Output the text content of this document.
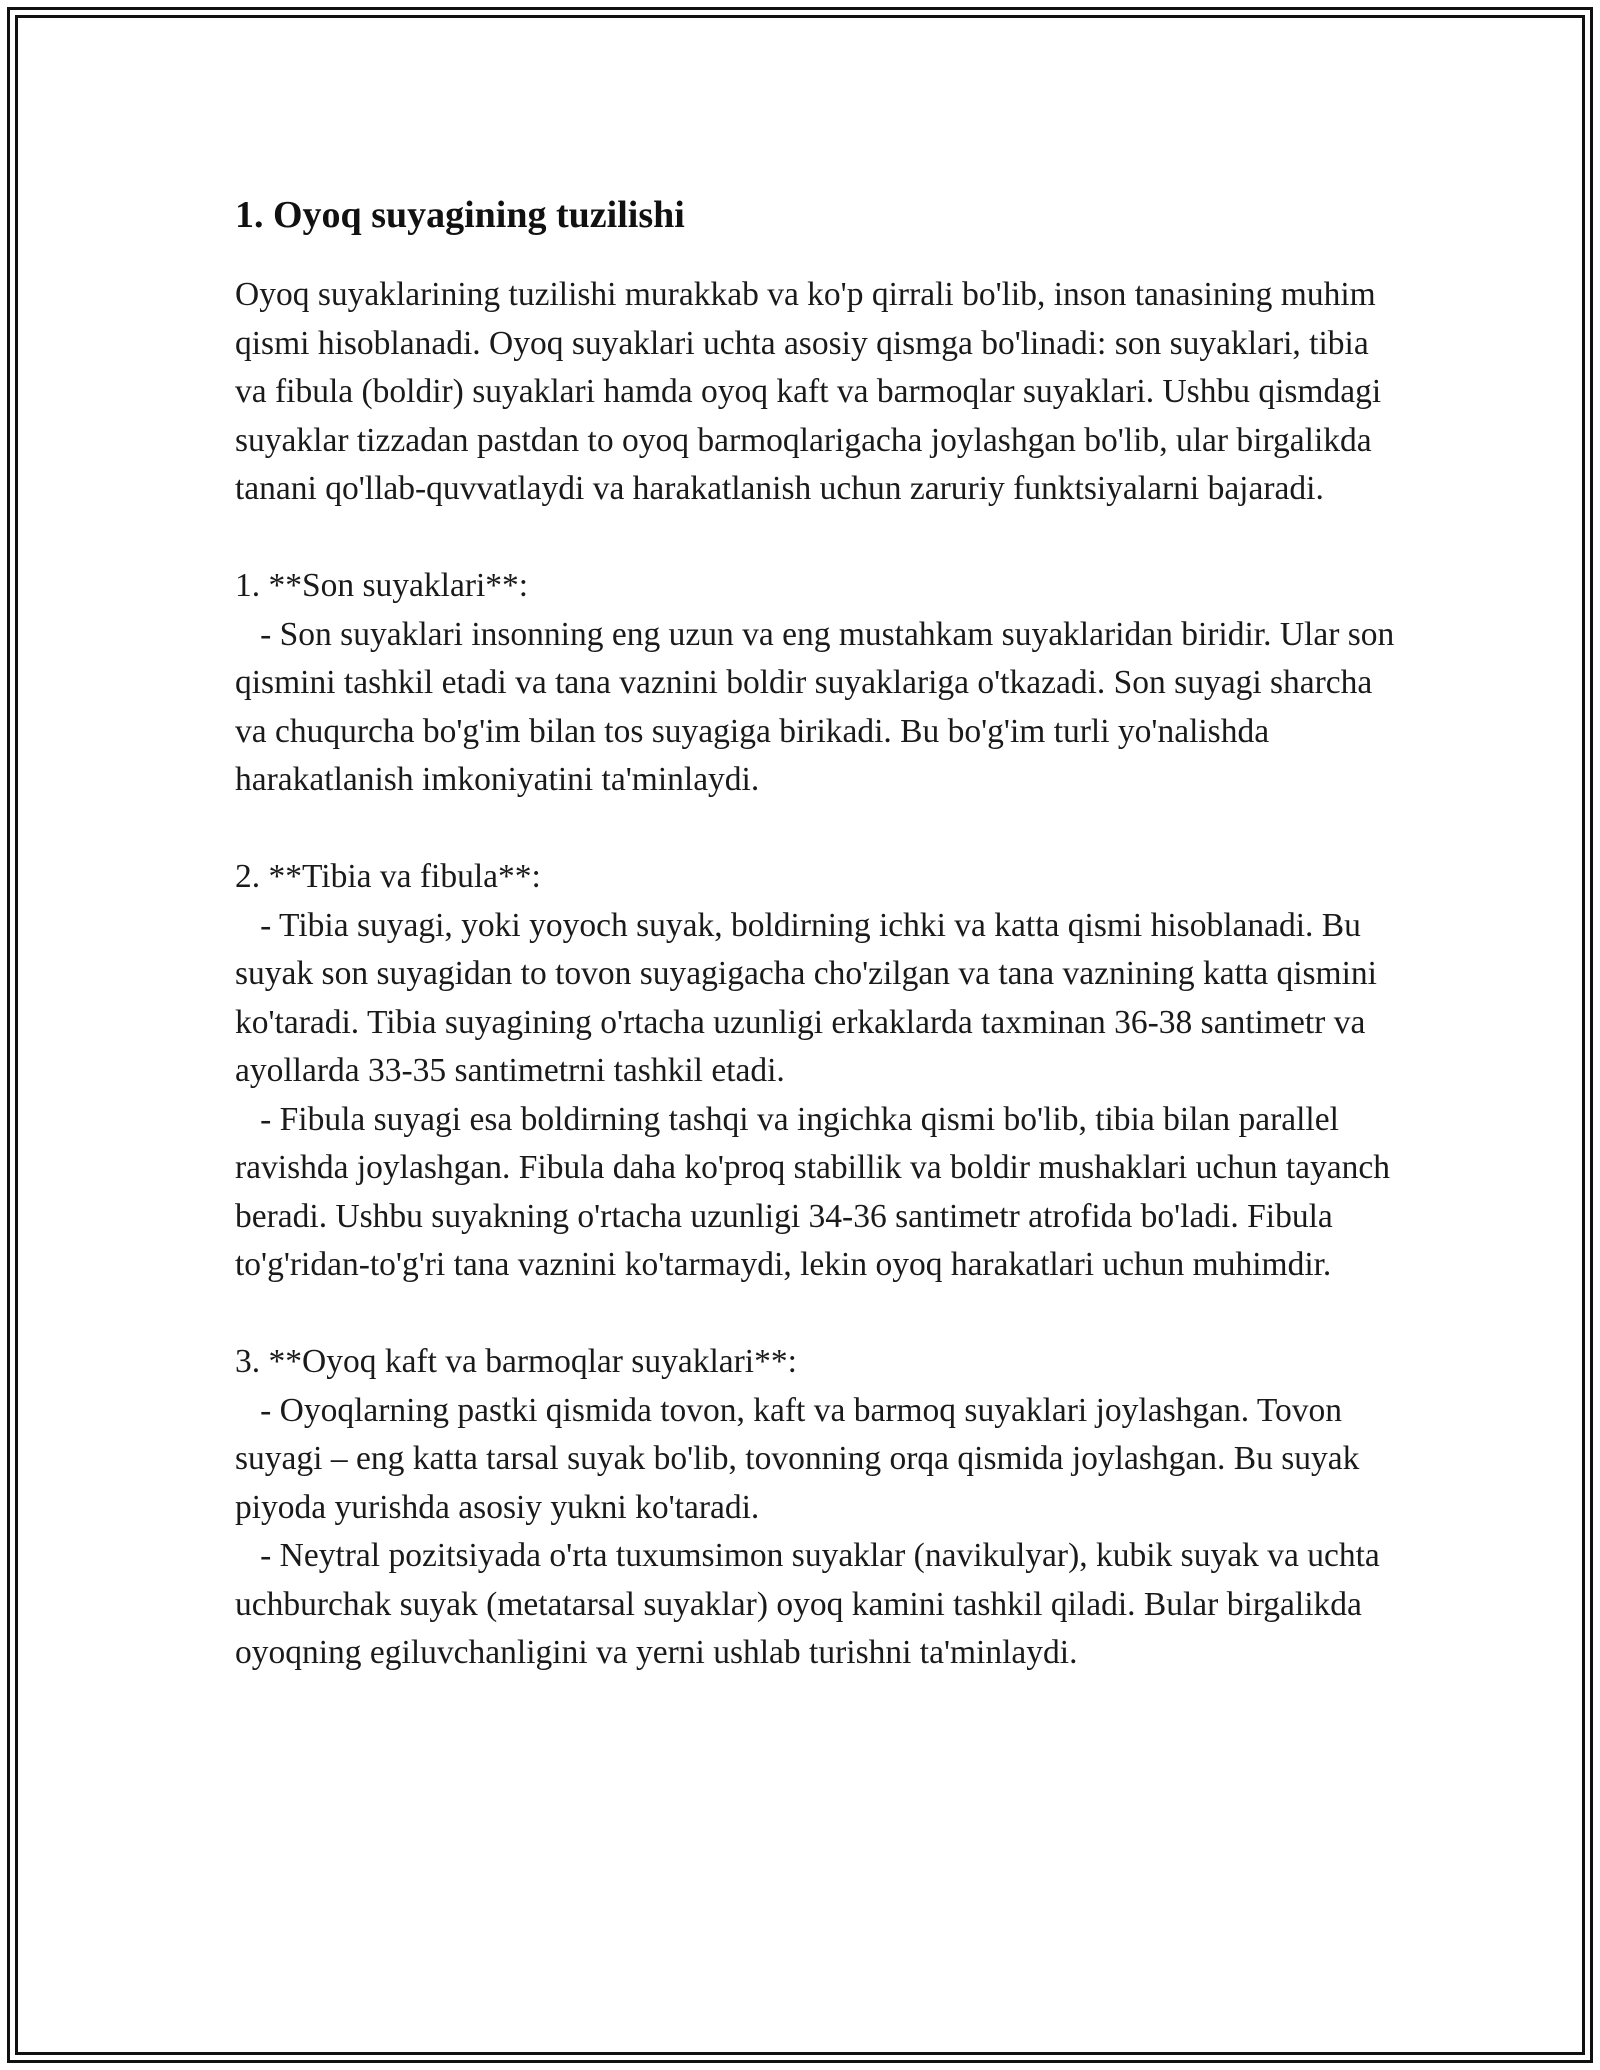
1. Oyoq suyagining tuzilishi

Oyoq suyaklarining tuzilishi murakkab va ko'p qirrali bo'lib, inson tanasining muhim qismi hisoblanadi. Oyoq suyaklari uchta asosiy qismga bo'linadi: son suyaklari, tibia va fibula (boldir) suyaklari hamda oyoq kaft va barmoqlar suyaklari. Ushbu qismdagi suyaklar tizzadan pastdan to oyoq barmoqlarigacha joylashgan bo'lib, ular birgalikda tanani qo'llab-quvvatlaydi va harakatlanish uchun zaruriy funktsiyalarni bajaradi.

1. **Son suyaklari**:

- Son suyaklari insonning eng uzun va eng mustahkam suyaklaridan biridir. Ular son qismini tashkil etadi va tana vaznini boldir suyaklariga o'tkazadi. Son suyagi sharcha va chuqurcha bo'g'im bilan tos suyagiga birikadi. Bu bo'g'im turli yo'nalishda harakatlanish imkoniyatini ta'minlaydi.

2. **Tibia va fibula**:

- Tibia suyagi, yoki yoyoch suyak, boldirning ichki va katta qismi hisoblanadi. Bu suyak son suyagidan to tovon suyagigacha cho'zilgan va tana vaznining katta qismini ko'taradi. Tibia suyagining o'rtacha uzunligi erkaklarda taxminan 36-38 santimetr va ayollarda 33-35 santimetrni tashkil etadi.

- Fibula suyagi esa boldirning tashqi va ingichka qismi bo'lib, tibia bilan parallel ravishda joylashgan. Fibula daha ko'proq stabillik va boldir mushaklari uchun tayanch beradi. Ushbu suyakning o'rtacha uzunligi 34-36 santimetr atrofida bo'ladi. Fibula to'g'ridan-to'g'ri tana vaznini ko'tarmaydi, lekin oyoq harakatlari uchun muhimdir.

3. **Oyoq kaft va barmoqlar suyaklari**:

- Oyoqlarning pastki qismida tovon, kaft va barmoq suyaklari joylashgan. Tovon suyagi – eng katta tarsal suyak bo'lib, tovonning orqa qismida joylashgan. Bu suyak piyoda yurishda asosiy yukni ko'taradi.

- Neytral pozitsiyada o'rta tuxumsimon suyaklar (navikulyar), kubik suyak va uchta uchburchak suyak (metatarsal suyaklar) oyoq kamini tashkil qiladi. Bular birgalikda oyoqning egiluvchanligini va yerni ushlab turishni ta'minlaydi.
